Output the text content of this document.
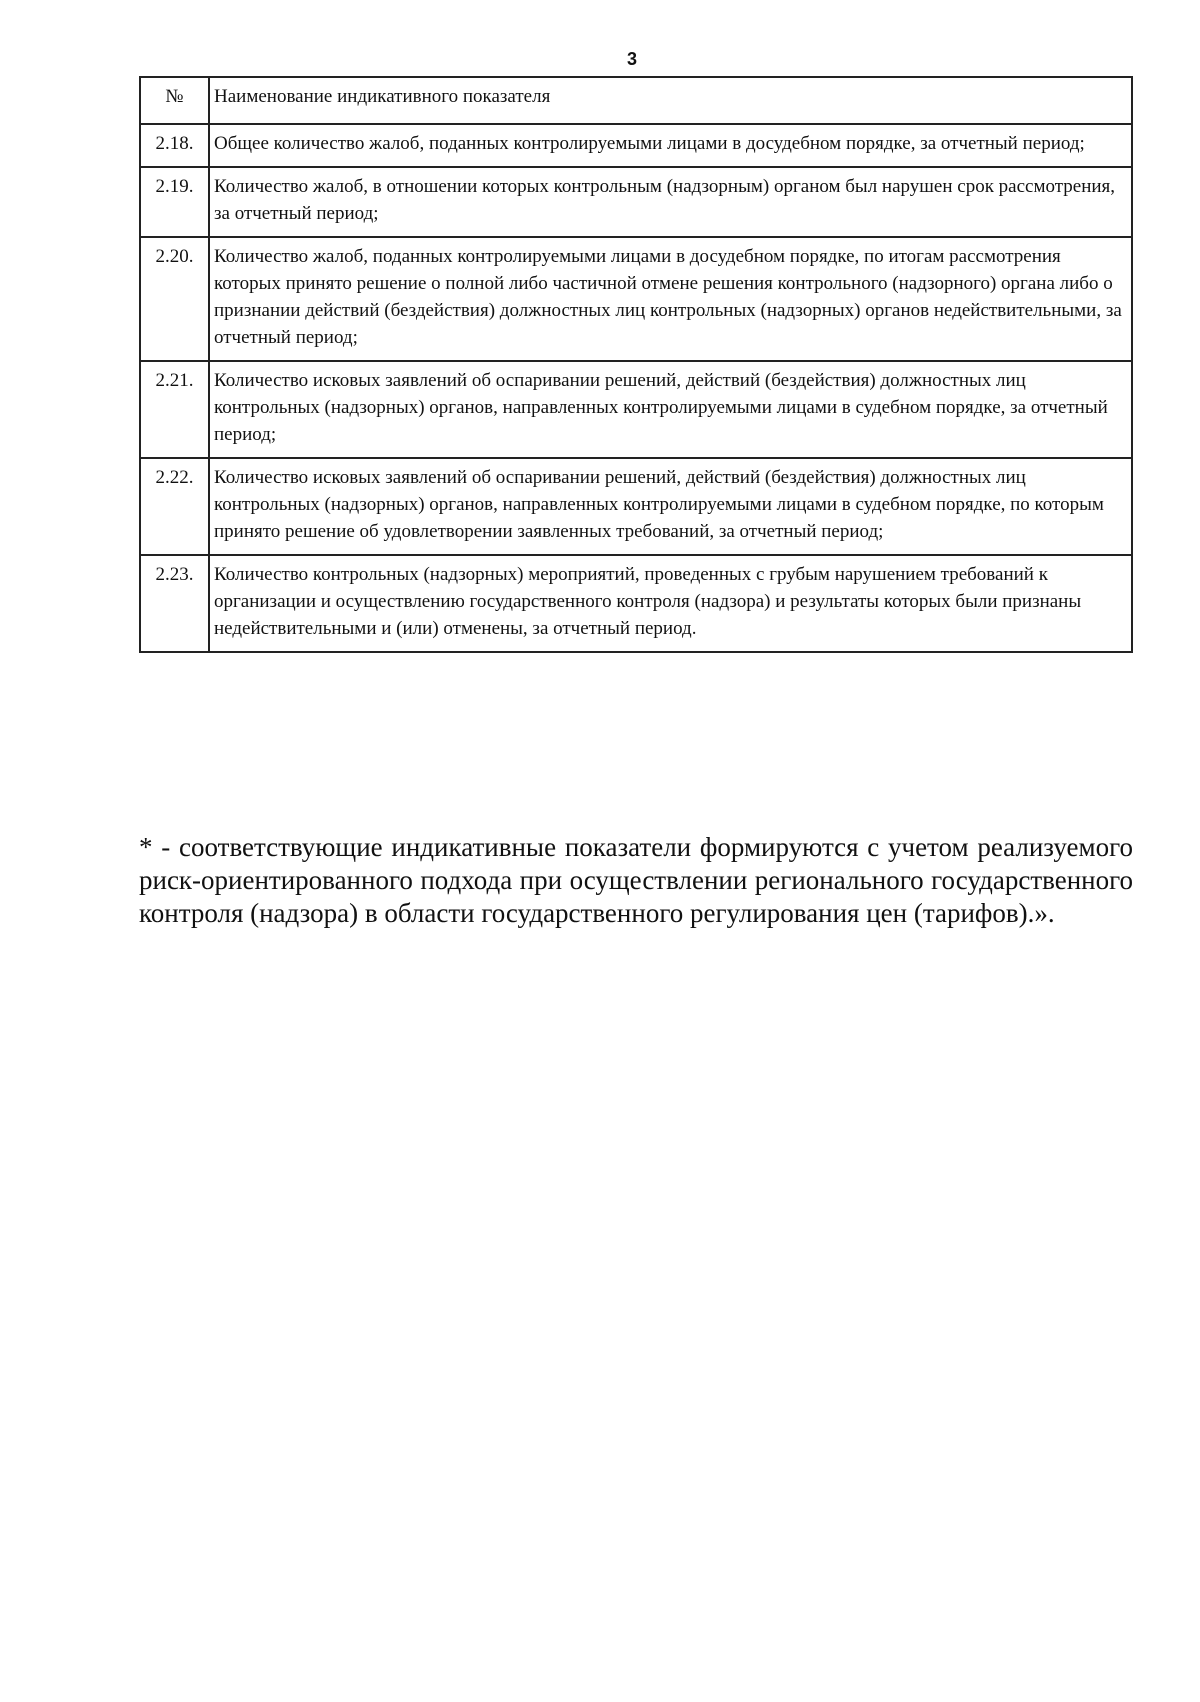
3
№	Наименование индикативного показателя
2.18.	Общее количество жалоб, поданных контролируемыми лицами в досудебном порядке, за отчетный период;
2.19.	Количество жалоб, в отношении которых контрольным (надзорным) органом был нарушен срок рассмотрения, за отчетный период;
2.20.	Количество жалоб, поданных контролируемыми лицами в досудебном порядке, по итогам рассмотрения которых принято решение о полной либо частичной отмене решения контрольного (надзорного) органа либо о признании действий (бездействия) должностных лиц контрольных (надзорных) органов недействительными, за отчетный период;
2.21.	Количество исковых заявлений об оспаривании решений, действий (бездействия) должностных лиц контрольных (надзорных) органов, направленных контролируемыми лицами в судебном порядке, за отчетный период;
2.22.	Количество исковых заявлений об оспаривании решений, действий (бездействия) должностных лиц контрольных (надзорных) органов, направленных контролируемыми лицами в судебном порядке, по которым принято решение об удовлетворении заявленных требований, за отчетный период;
2.23.	Количество контрольных (надзорных) мероприятий, проведенных с грубым нарушением требований к организации и осуществлению государственного контроля (надзора) и результаты которых были признаны недействительными и (или) отменены, за отчетный период.

* - соответствующие индикативные показатели формируются с учетом реализуемого риск-ориентированного подхода при осуществлении регионального государственного контроля (надзора) в области государственного регулирования цен (тарифов).».
